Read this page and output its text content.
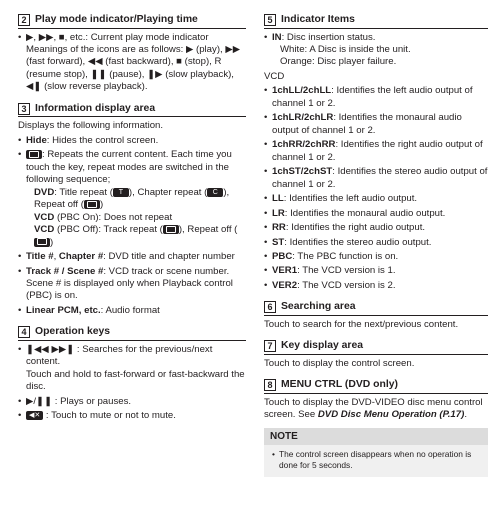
2 Play mode indicator/Playing time
• ▶, ▶▶, ■, etc.: Current play mode indicator Meanings of the icons are as follows: ▶ (play), ▶▶ (fast forward), ◀◀ (fast backward), ■ (stop), R (resume stop), ❚❚ (pause), ❚▶ (slow playback), ◀❚ (slow reverse playback).
3 Information display area
Displays the following information.
• Hide: Hides the control screen.
• : Repeats the current content. Each time you touch the key, repeat modes are switched in the following sequence;
DVD: Title repeat ( T ), Chapter repeat ( C ), Repeat off ( )
VCD (PBC On): Does not repeat
VCD (PBC Off): Track repeat ( ), Repeat off ()
• Title #, Chapter #: DVD title and chapter number
• Track # / Scene #: VCD track or scene number. Scene # is displayed only when Playback control (PBC) is on.
• Linear PCM, etc.: Audio format
4 Operation keys
• ❚◀◀ ▶▶❚ : Searches for the previous/next content.
Touch and hold to fast-forward or fast-backward the disc.
• ▶/❚❚ : Plays or pauses.
• ◀✕ : Touch to mute or not to mute.
5 Indicator Items
• IN: Disc insertion status.
White: A Disc is inside the unit.
Orange: Disc player failure.
VCD
• 1chLL/2chLL: Identifies the left audio output of channel 1 or 2.
• 1chLR/2chLR: Identifies the monaural audio output of channel 1 or 2.
• 1chRR/2chRR: Identifies the right audio output of channel 1 or 2.
• 1chST/2chST: Identifies the stereo audio output of channel 1 or 2.
• LL: Identifies the left audio output.
• LR: Identifies the monaural audio output.
• RR: Identifies the right audio output.
• ST: Identifies the stereo audio output.
• PBC: The PBC function is on.
• VER1: The VCD version is 1.
• VER2: The VCD version is 2.
6 Searching area
Touch to search for the next/previous content.
7 Key display area
Touch to display the control screen.
8 MENU CTRL (DVD only)
Touch to display the DVD-VIDEO disc menu control screen. See DVD Disc Menu Operation (P.17).
NOTE
• The control screen disappears when no operation is done for 5 seconds.
